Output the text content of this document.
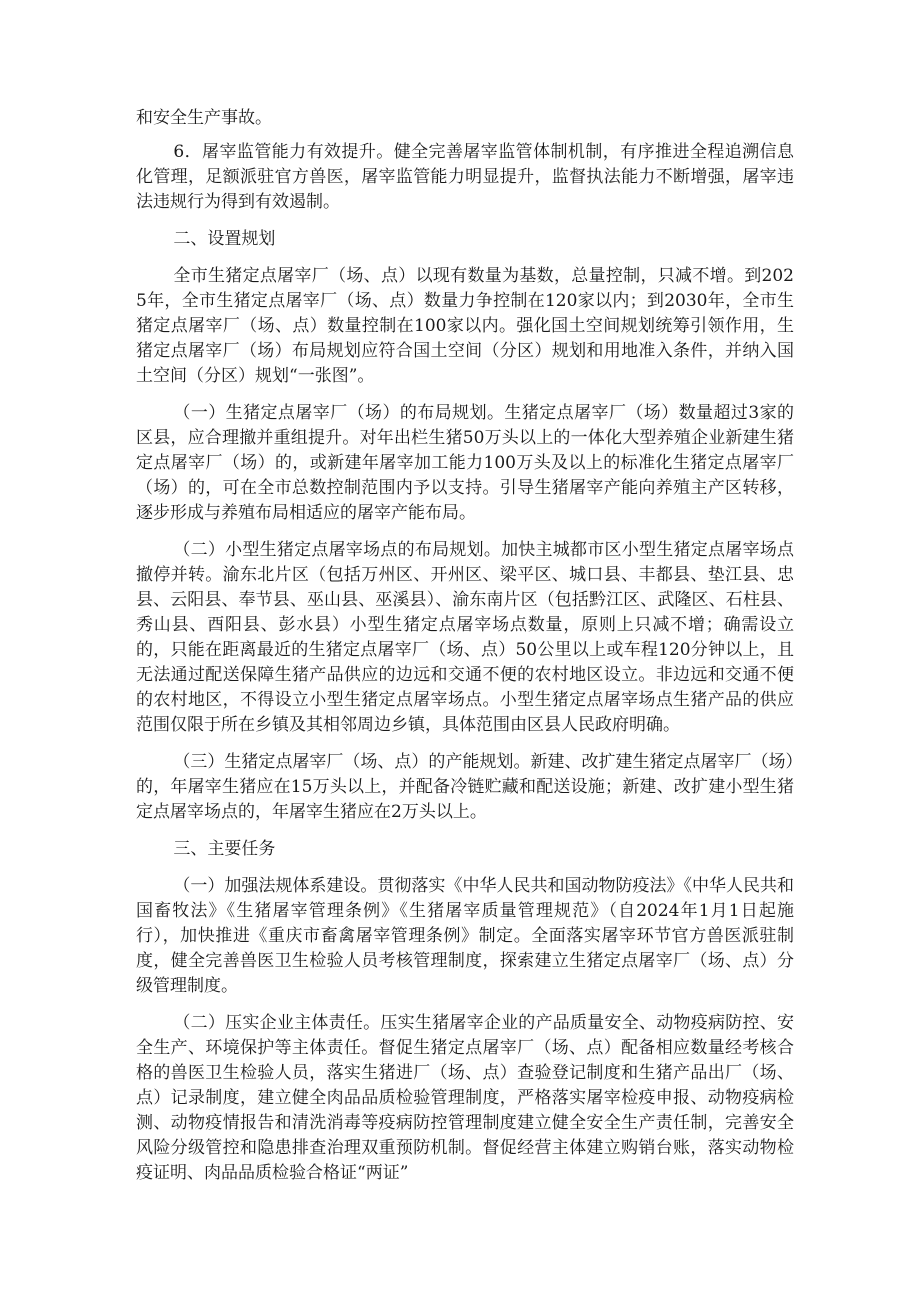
和安全生产事故。

6．屠宰监管能力有效提升。健全完善屠宰监管体制机制，有序推进全程追溯信息化管理，足额派驻官方兽医，屠宰监管能力明显提升，监督执法能力不断增强，屠宰违法违规行为得到有效遏制。

二、设置规划

全市生猪定点屠宰厂（场、点）以现有数量为基数，总量控制，只减不增。到2025年，全市生猪定点屠宰厂（场、点）数量力争控制在120家以内；到2030年，全市生猪定点屠宰厂（场、点）数量控制在100家以内。强化国土空间规划统筹引领作用，生猪定点屠宰厂（场）布局规划应符合国土空间（分区）规划和用地准入条件，并纳入国土空间（分区）规划“一张图”。

（一）生猪定点屠宰厂（场）的布局规划。生猪定点屠宰厂（场）数量超过3家的区县，应合理撤并重组提升。对年出栏生猪50万头以上的一体化大型养殖企业新建生猪定点屠宰厂（场）的，或新建年屠宰加工能力100万头及以上的标准化生猪定点屠宰厂（场）的，可在全市总数控制范围内予以支持。引导生猪屠宰产能向养殖主产区转移，逐步形成与养殖布局相适应的屠宰产能布局。

（二）小型生猪定点屠宰场点的布局规划。加快主城都市区小型生猪定点屠宰场点撤停并转。渝东北片区（包括万州区、开州区、梁平区、城口县、丰都县、垫江县、忠县、云阳县、奉节县、巫山县、巫溪县）、渝东南片区（包括黔江区、武隆区、石柱县、秀山县、酉阳县、彭水县）小型生猪定点屠宰场点数量，原则上只减不增；确需设立的，只能在距离最近的生猪定点屠宰厂（场、点）50公里以上或车程120分钟以上，且无法通过配送保障生猪产品供应的边远和交通不便的农村地区设立。非边远和交通不便的农村地区，不得设立小型生猪定点屠宰场点。小型生猪定点屠宰场点生猪产品的供应范围仅限于所在乡镇及其相邻周边乡镇，具体范围由区县人民政府明确。

（三）生猪定点屠宰厂（场、点）的产能规划。新建、改扩建生猪定点屠宰厂（场）的，年屠宰生猪应在15万头以上，并配备冷链贮藏和配送设施；新建、改扩建小型生猪定点屠宰场点的，年屠宰生猪应在2万头以上。

三、主要任务

（一）加强法规体系建设。贯彻落实《中华人民共和国动物防疫法》《中华人民共和国畜牧法》《生猪屠宰管理条例》《生猪屠宰质量管理规范》（自2024年1月1日起施行），加快推进《重庆市畜禽屠宰管理条例》制定。全面落实屠宰环节官方兽医派驻制度，健全完善兽医卫生检验人员考核管理制度，探索建立生猪定点屠宰厂（场、点）分级管理制度。

（二）压实企业主体责任。压实生猪屠宰企业的产品质量安全、动物疫病防控、安全生产、环境保护等主体责任。督促生猪定点屠宰厂（场、点）配备相应数量经考核合格的兽医卫生检验人员，落实生猪进厂（场、点）查验登记制度和生猪产品出厂（场、点）记录制度，建立健全肉品品质检验管理制度，严格落实屠宰检疫申报、动物疫病检测、动物疫情报告和清洗消毒等疫病防控管理制度建立健全安全生产责任制，完善安全风险分级管控和隐患排查治理双重预防机制。督促经营主体建立购销台账，落实动物检疫证明、肉品品质检验合格证“两证”
